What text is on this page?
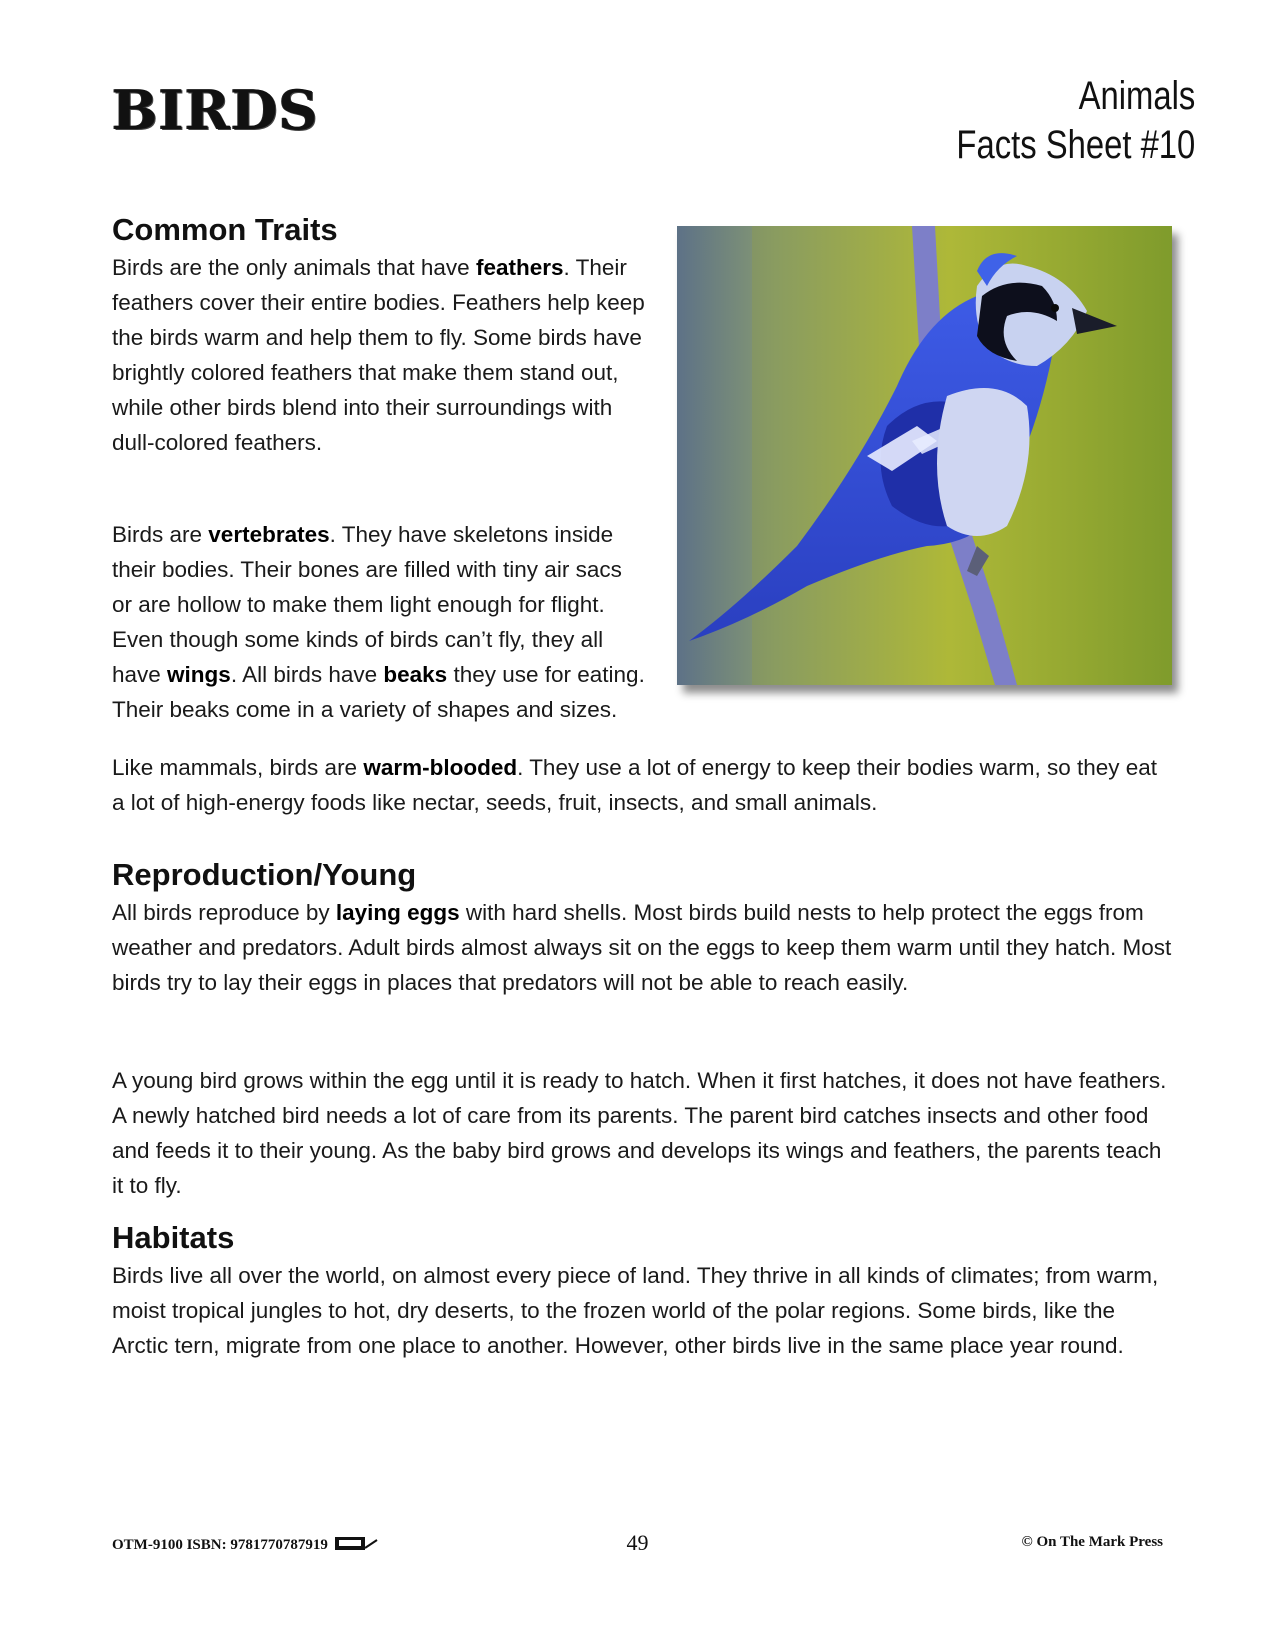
BIRDS	Animals
Facts Sheet #10
Common Traits

Birds are the only animals that have feathers. Their feathers cover their entire bodies. Feathers help keep the birds warm and help them to fly. Some birds have brightly colored feathers that make them stand out, while other birds blend into their surroundings with dull-colored feathers.

Birds are vertebrates. They have skeletons inside their bodies. Their bones are filled with tiny air sacs or are hollow to make them light enough for flight. Even though some kinds of birds can’t fly, they all have wings. All birds have beaks they use for eating. Their beaks come in a variety of shapes and sizes.

Like mammals, birds are warm-blooded. They use a lot of energy to keep their bodies warm, so they eat a lot of high-energy foods like nectar, seeds, fruit, insects, and small animals.

Reproduction/Young

All birds reproduce by laying eggs with hard shells. Most birds build nests to help protect the eggs from weather and predators. Adult birds almost always sit on the eggs to keep them warm until they hatch. Most birds try to lay their eggs in places that predators will not be able to reach easily.

A young bird grows within the egg until it is ready to hatch. When it first hatches, it does not have feathers. A newly hatched bird needs a lot of care from its parents. The parent bird catches insects and other food and feeds it to their young. As the baby bird grows and develops its wings and feathers, the parents teach it to fly.

Habitats

Birds live all over the world, on almost every piece of land. They thrive in all kinds of climates; from warm, moist tropical jungles to hot, dry deserts, to the frozen world of the polar regions. Some birds, like the Arctic tern, migrate from one place to another. However, other birds live in the same place year round.

OTM-9100 ISBN: 9781770787919	49	© On The Mark Press
